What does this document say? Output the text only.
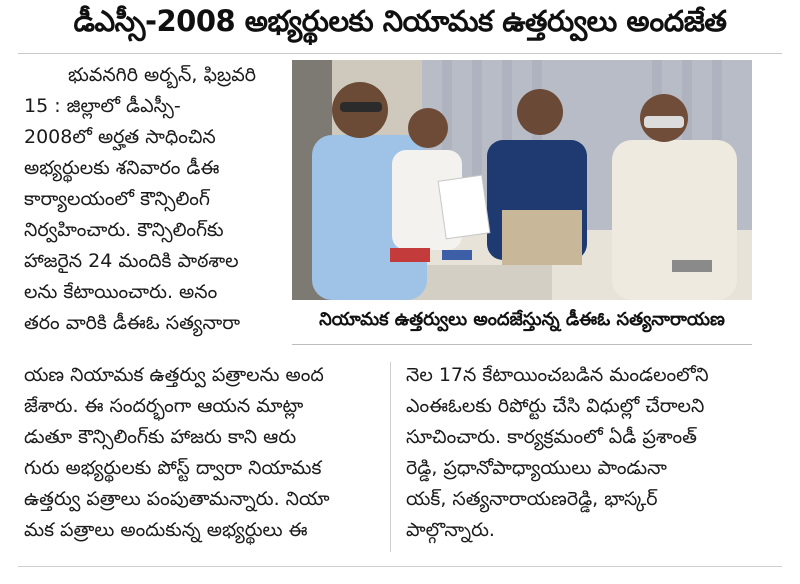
డీఎస్సీ-2008 అభ్యర్థులకు నియామక ఉత్తర్వులు అందజేత

భువనగిరి అర్బన్, ఫిబ్రవరి
15 : జిల్లాలో డీఎస్సీ-
2008లో అర్హత సాధించిన
అభ్యర్థులకు శనివారం డీఈ
కార్యాలయంలో కౌన్సిలింగ్
నిర్వహించారు. కౌన్సిలింగ్‌కు
హాజరైన 24 మందికి పాఠశాల
లను కేటాయించారు. అనం
తరం వారికి డీఈఓ సత్యనారా	నియామక ఉత్తర్వులు అందజేస్తున్న డీఈఓ సత్యనారాయణ

యణ నియామక ఉత్తర్వు పత్రాలను అంద
జేశారు. ఈ సందర్భంగా ఆయన మాట్లా
డుతూ కౌన్సిలింగ్‌కు హాజరు కాని ఆరు
గురు అభ్యర్థులకు పోస్ట్ ద్వారా నియామక
ఉత్తర్వు పత్రాలు పంపుతామన్నారు. నియా
మక పత్రాలు అందుకున్న అభ్యర్థులు ఈ

నెల 17న కేటాయించబడిన మండలంలోని
ఎంఈఓలకు రిపోర్టు చేసి విధుల్లో చేరాలని
సూచించారు. కార్యక్రమంలో ఏడీ ప్రశాంత్
రెడ్డి, ప్రధానోపాధ్యాయులు పాండునా
యక్, సత్యనారాయణరెడ్డి, భాస్కర్
పాల్గొన్నారు.
